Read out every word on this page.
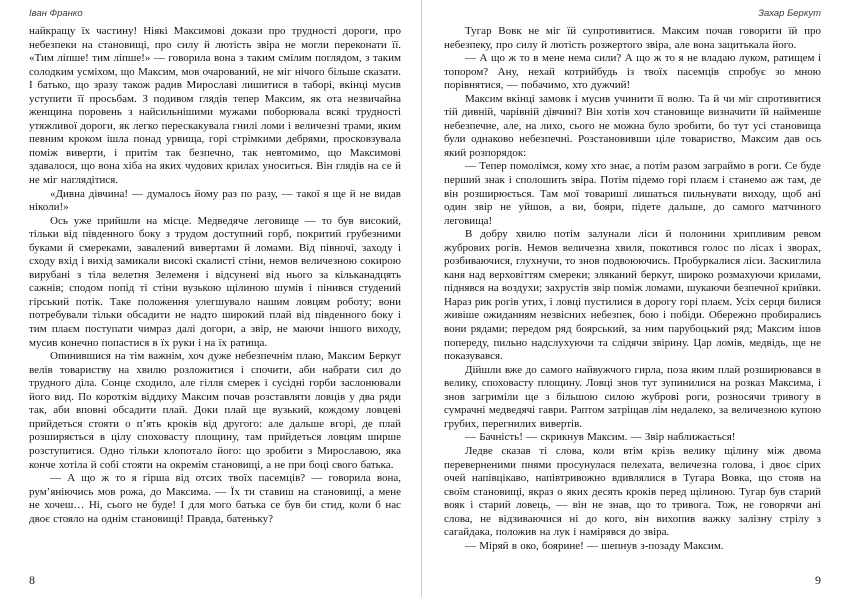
Іван Франко

найкращу їх частину! Ніякі Максимові докази про трудності дороги, про небезпеки на становищі, про силу й лютість звіра не могли переконати її. «Тим ліпше! тим ліпше!» — говорила вона з таким смілим поглядом, з таким солодким усміхом, що Максим, мов очарований, не міг нічого більше сказати. І батько, що зразу також радив Мирославі лишитися в таборі, вкінці мусив уступити її просьбам. З подивом глядів тепер Максим, як ота незвичайна женщина поровень з найсильнішими мужами поборювала всякі трудності утяжливої дороги, як легко перескакувала гнилі ломи і величезні трами, яким певним кроком ішла понад урвища, горі стрімкими дебрями, просковзувала поміж виверти, і притім так безпечно, так невтомимо, що Максимові здавалося, що вона хіба на яких чудових крилах уноситься. Він глядів на се й не міг наглядітися.

«Дивна дівчина! — думалось йому раз по разу, — такої я ще й не видав ніколи!»

Ось уже прийшли на місце. Медведяче леговище — то був високий, тільки від південного боку з трудом доступний горб, покритий грубезними буками й смереками, завалений вивертами й ломами. Від півночі, заходу і сходу вхід і вихід замикали високі скалисті стіни, немов величезною сокирою вирубані з тіла велетня Зелеменя і відсунені від нього за кільканадцять сажнів; сподом попід ті стіни вузькою щілиною шумів і пінився студений гірський потік. Таке положення улегшувало нашим ловцям роботу; вони потребували тільки обсадити не надто широкий плай від південного боку і тим плаєм поступати чимраз далі догори, а звір, не маючи іншого виходу, мусив конечно попастися в їх руки і на їх ратища.

Опинившися на тім важнім, хоч дуже небезпечнім плаю, Максим Беркут велів товариству на хвилю розложитися і спочити, аби набрати сил до трудного діла. Сонце сходило, але гілля смерек і сусідні горби заслонювали його вид. По короткім віддиху Максим почав розставляти ловців у два ряди так, аби вповні обсадити плай. Доки плай ще вузький, кождому ловцеві прийдеться стояти о п’ять кроків від другого: але дальше вгорі, де плай розширяється в цілу споховасту площину, там прийдеться ловцям ширше розступитися. Одно тільки клопотало його: що зробити з Мирославою, яка конче хотіла й собі стояти на окремім становищі, а не при боці свого батька.

— А що ж то я гірша від отсих твоїх пасемців? — говорила вона, рум’яніючись мов рожа, до Максима. — Їх ти ставиш на становищі, а мене не хочеш… Ні, сього не буде! І для мого батька се був би стид, коли б нас двоє стояло на однім становищі! Правда, батеньку?

8
Захар Беркут

Тугар Вовк не міг їй супротивитися. Максим почав говорити їй про небезпеку, про силу й лютість розжертого звіра, але вона зацитькала його.

— А що ж то в мене нема сили? А що ж то я не владаю луком, ратищем і топором? Ану, нехай котрийбудь із твоїх пасемців спробує зо мною порівнятися, — побачимо, хто дужчий!

Максим вкінці замовк і мусив учинити її волю. Та й чи міг спротивитися тій дивній, чарівній дівчині? Він хотів хоч становище визначити їй найменше небезпечне, але, на лихо, сього не можна було зробити, бо тут усі становища були однаково небезпечні. Розстановивши ціле товариство, Максим дав ось який розпорядок:

— Тепер помолімся, кому хто знає, а потім разом заграймо в роги. Се буде перший знак і сполошить звіра. Потім підемо горі плаєм і станемо аж там, де він розширюється. Там мої товариші лишаться пильнувати виходу, щоб ані один звір не уйшов, а ви, бояри, підете дальше, до самого матчиного леговища!

В добру хвилю потім залунали ліси й полонини хрипливим ревом жубрових рогів. Немов величезна хвиля, покотився голос по лісах і зворах, розбиваючися, глухнучи, то знов подвоюючись. Пробуркалися ліси. Заскиглила каня над верховіттям смереки; зляканий беркут, широко розмахуючи крилами, піднявся на воздухи; захрустів звір поміж ломами, шукаючи безпечної криївки. Нараз рик рогів утих, і ловці пустилися в дорогу горі плаєм. Усіх серця билися живіше ожиданням незвісних небезпек, бою і побіди. Обережно пробирались вони рядами; передом ряд боярський, за ним парубоцький ряд; Максим ішов попереду, пильно надслухуючи та слідячи звірину. Цар ломів, медвідь, ще не показувався.

Дійшли вже до самого найвужчого гирла, поза яким плай розширювався в велику, споховасту площину. Ловці знов тут зупинилися на розказ Максима, і знов загриміли ще з більшою силою жуброві роги, розносячи тривогу в сумрачні медведячі гаври. Раптом затріщав лім недалеко, за величезною купою грубих, перегнилих вивертів.

— Бачність! — скрикнув Максим. — Звір наближається!

Ледве сказав ті слова, коли втім крізь велику щілину між двома переверненими пнями просунулася пелехата, величезна голова, і двоє сірих очей напівцікаво, напівтривожно вдивлялися в Тугара Вовка, що стояв на своїм становищі, якраз о яких десять кроків перед щілиною. Тугар був старий вояк і старий ловець, — він не знав, що то тривога. Тож, не говорячи ані слова, не відзиваючися ні до кого, він вихопив важку залізну стрілу з сагайдака, положив на лук і намірявся до звіра.

— Міряй в око, боярине! — шепнув з-позаду Максим.

9
